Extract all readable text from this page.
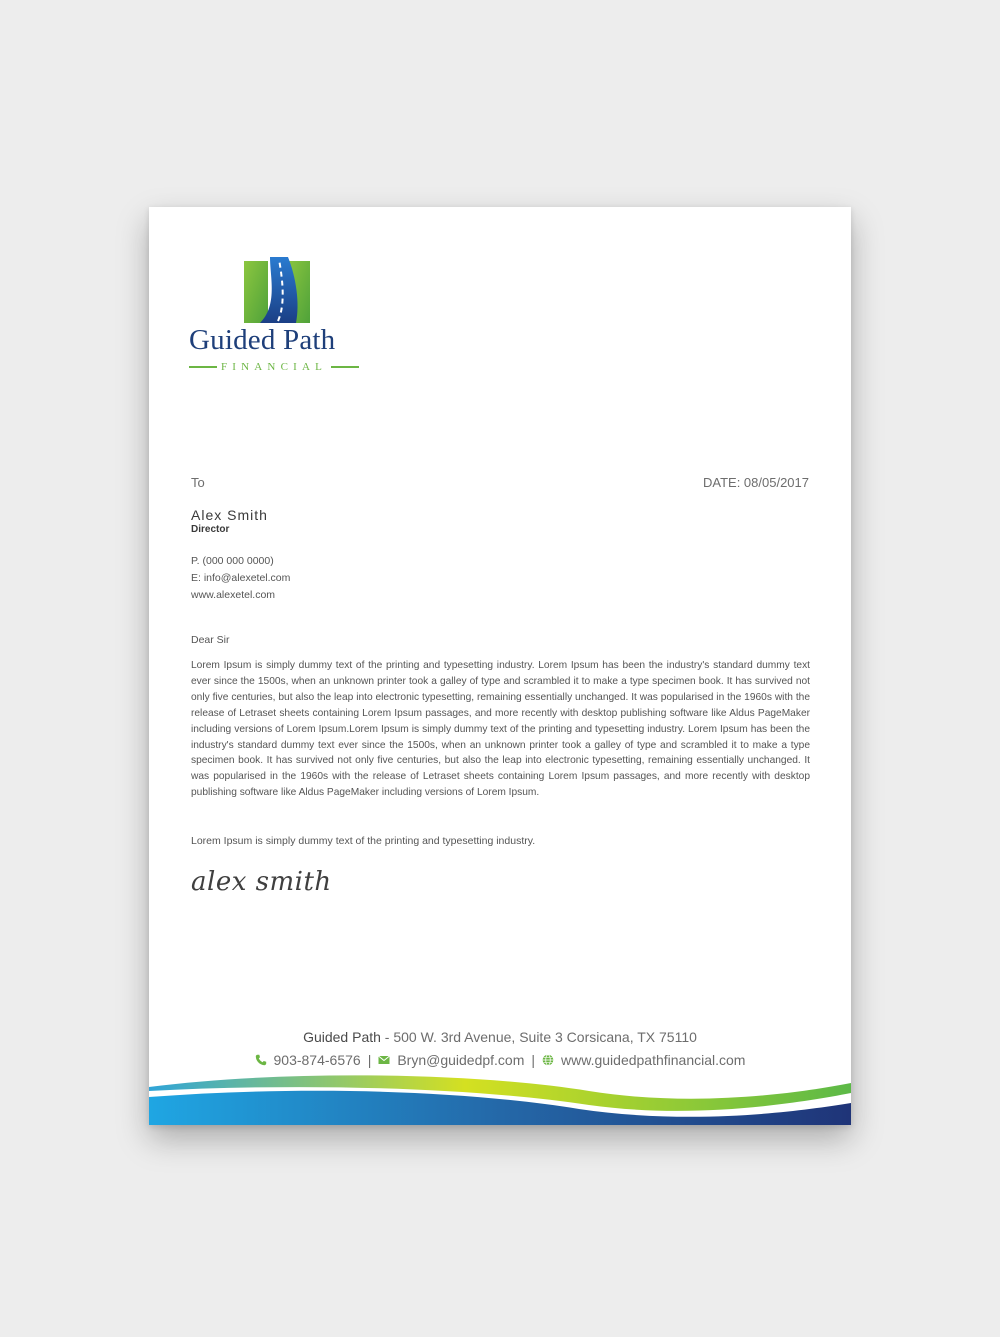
Guided Path
FINANCIAL
To	DATE: 08/05/2017
Alex Smith
Director
P. (000 000 0000)
E: info@alexetel.com
www.alexetel.com
Dear Sir

Lorem Ipsum is simply dummy text of the printing and typesetting industry. Lorem Ipsum has been the industry's standard dummy text ever since the 1500s, when an unknown printer took a galley of type and scrambled it to make a type specimen book. It has survived not only five centuries, but also the leap into electronic typesetting, remaining essentially unchanged. It was popularised in the 1960s with the release of Letraset sheets containing Lorem Ipsum passages, and more recently with desktop publishing software like Aldus PageMaker including versions of Lorem Ipsum.Lorem Ipsum is simply dummy text of the printing and typesetting industry. Lorem Ipsum has been the industry's standard dummy text ever since the 1500s, when an unknown printer took a galley of type and scrambled it to make a type specimen book. It has survived not only five centuries, but also the leap into electronic typesetting, remaining essentially unchanged. It was popularised in the 1960s with the release of Letraset sheets containing Lorem Ipsum passages, and more recently with desktop publishing software like Aldus PageMaker including versions of Lorem Ipsum.

Lorem Ipsum is simply dummy text of the printing and typesetting industry.
alex smith
Guided Path - 500 W. 3rd Avenue, Suite 3 Corsicana, TX 75110
903-874-6576 | Bryn@guidedpf.com | www.guidedpathfinancial.com
